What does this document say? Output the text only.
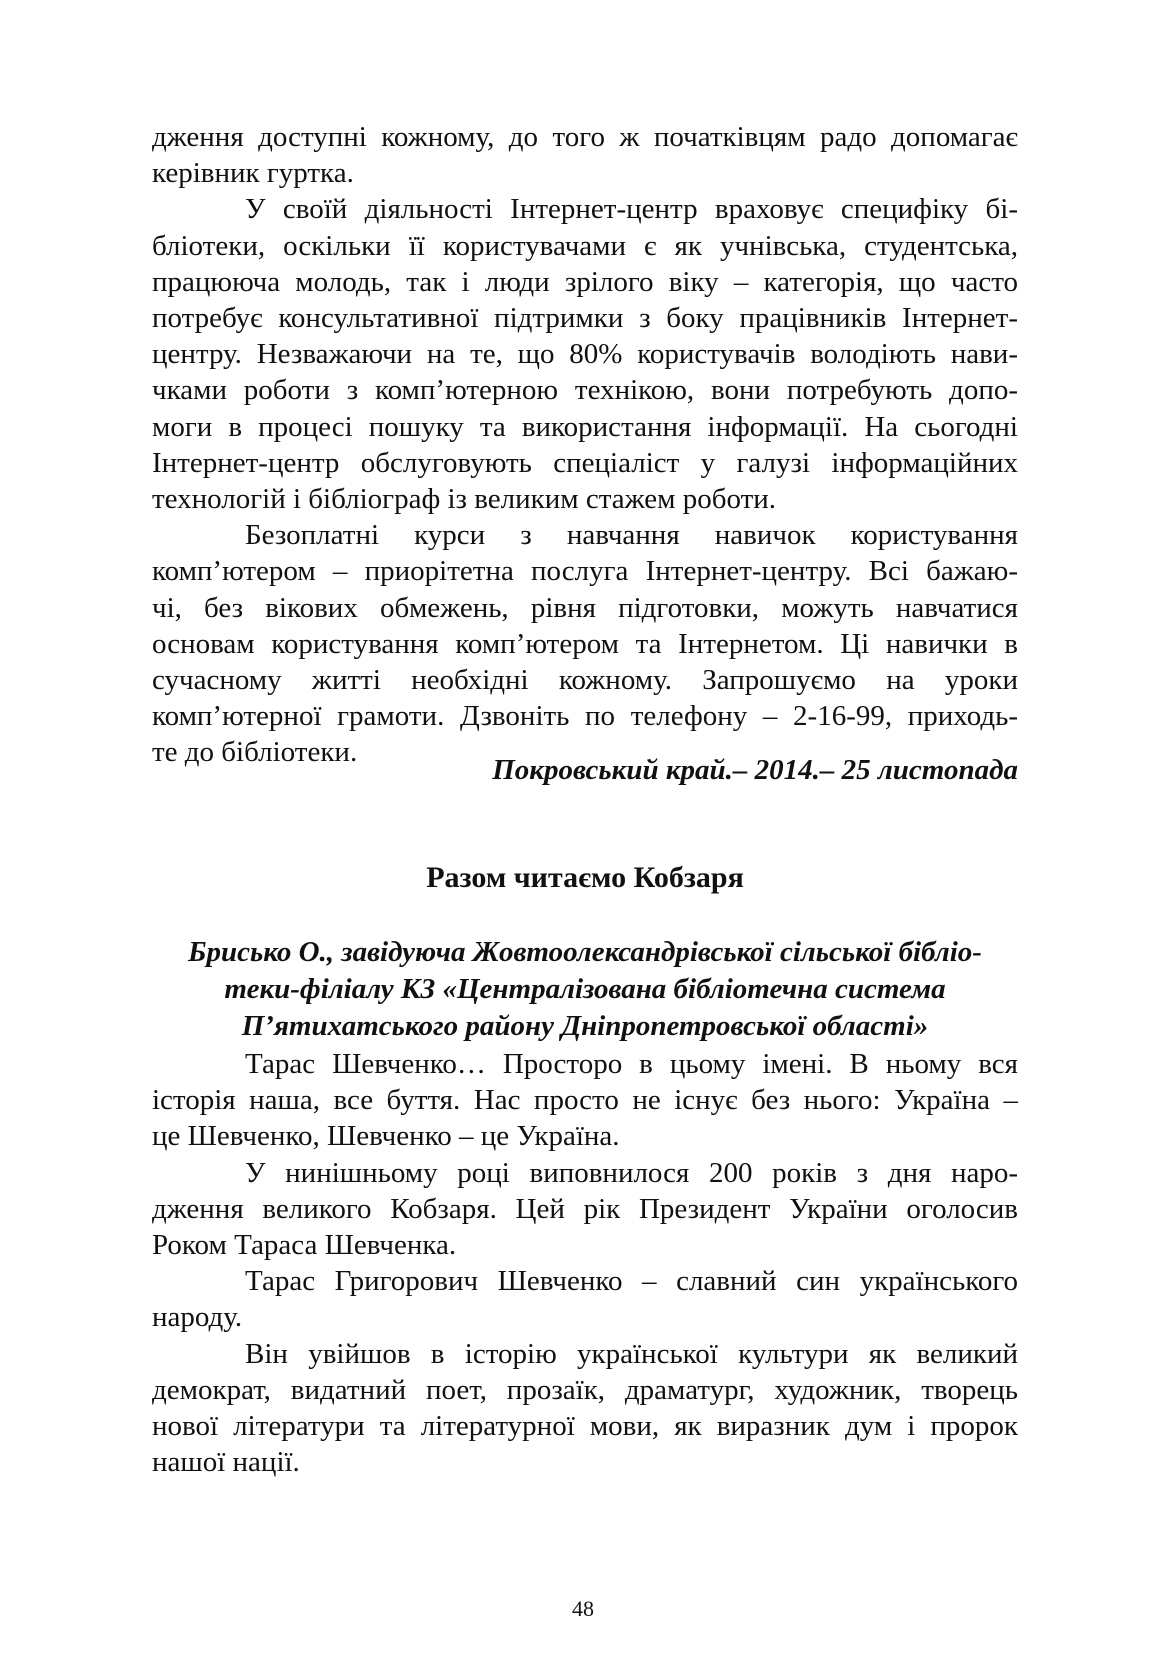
дження доступні кожному, до того ж початківцям радо допомагає
керівник гуртка.

У своїй діяльності Інтернет-центр враховує специфіку бі-
бліотеки, оскільки її користувачами є як учнівська, студентська,
працююча молодь, так і люди зрілого віку – категорія, що часто
потребує консультативної підтримки з боку працівників Інтернет-
центру. Незважаючи на те, що 80% користувачів володіють нави-
чками роботи з комп’ютерною технікою, вони потребують допо-
моги в процесі пошуку та використання інформації. На сьогодні
Інтернет-центр обслуговують спеціаліст у галузі інформаційних
технологій і бібліограф із великим стажем роботи.

Безоплатні курси з навчання навичок користування
комп’ютером – приорітетна послуга Інтернет-центру. Всі бажаю-
чі, без вікових обмежень, рівня підготовки, можуть навчатися
основам користування комп’ютером та Інтернетом. Ці навички в
сучасному житті необхідні кожному. Запрошуємо на уроки
комп’ютерної грамоти. Дзвоніть по телефону – 2-16-99, приходь-
те до бібліотеки.

Покровський край.– 2014.– 25 листопада
Разом читаємо Кобзаря
Брисько О., завідуюча Жовтоолександрівської сільської бібліо-
теки-філіалу КЗ «Централізована бібліотечна система
П’ятихатського району Дніпропетровської області»

Тарас Шевченко… Просторо в цьому імені. В ньому вся
історія наша, все буття. Нас просто не існує без нього: Україна –
це Шевченко, Шевченко – це Україна.

У нинішньому році виповнилося 200 років з дня наро-
дження великого Кобзаря. Цей рік Президент України оголосив
Роком Тараса Шевченка.

Тарас Григорович Шевченко – славний син українського
народу.

Він увійшов в історію української культури як великий
демократ, видатний поет, прозаїк, драматург, художник, творець
нової літератури та літературної мови, як виразник дум і пророк
нашої нації.

48
